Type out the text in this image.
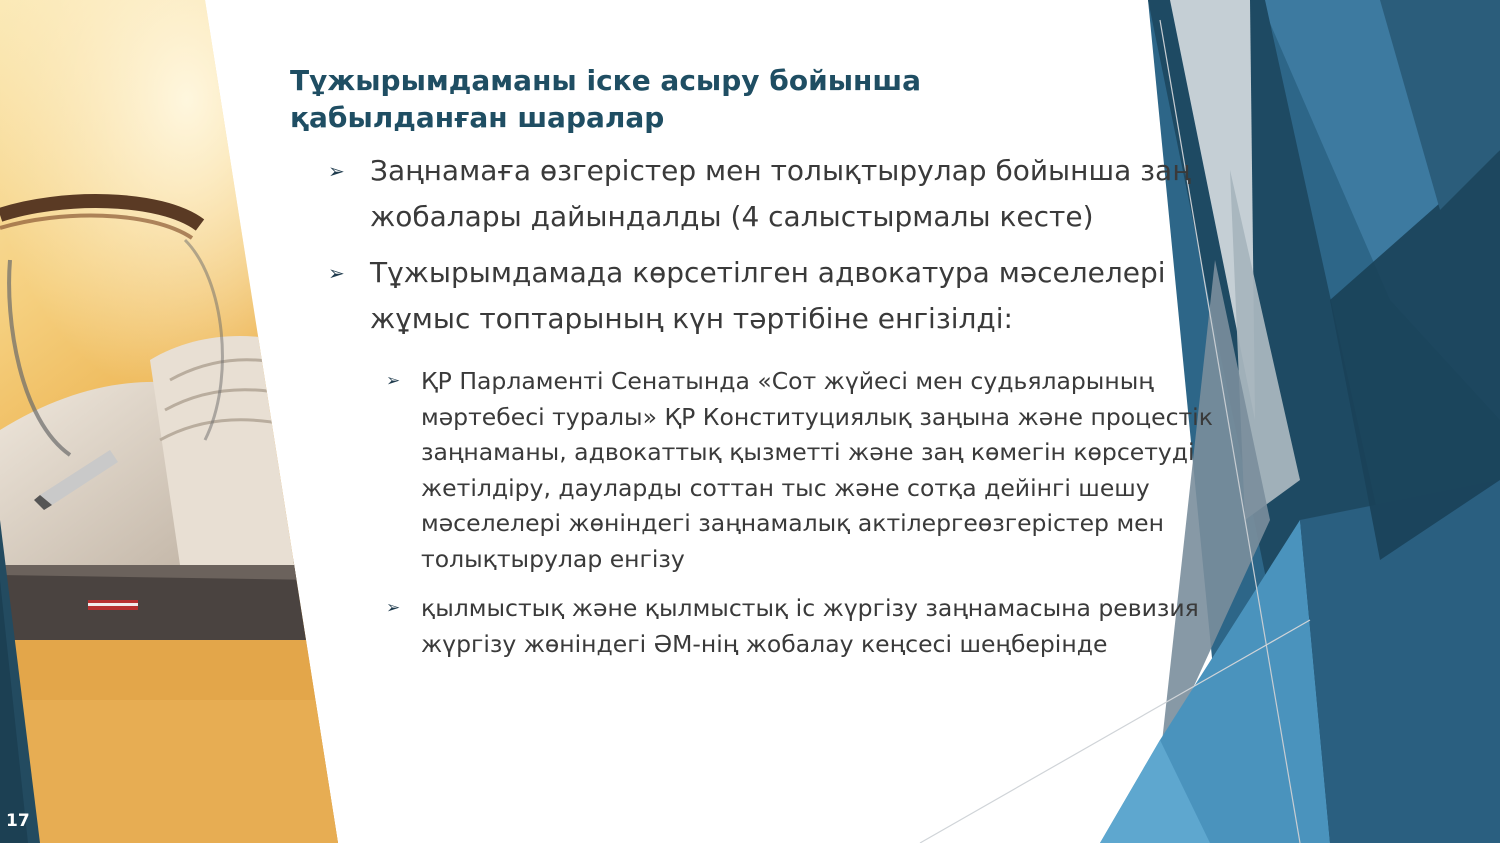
Тұжырымдаманы іске асыру бойынша қабылданған шаралар
➢ Заңнамаға өзгерістер мен толықтырулар бойынша заң жобалары дайындалды (4 салыстырмалы кесте)
➢ Тұжырымдамада көрсетілген адвокатура мәселелері жұмыс топтарының күн тәртібіне енгізілді:
➢ ҚР Парламенті Сенатында «Сот жүйесі мен судьяларының мәртебесі туралы» ҚР Конституциялық заңына және процестік заңнаманы, адвокаттық қызметті және заң көмегін көрсетуді жетілдіру, дауларды соттан тыс және сотқа дейінгі шешу мәселелері жөніндегі заңнамалық актілергеөзгерістер мен толықтырулар енгізу
➢ қылмыстық және қылмыстық іс жүргізу заңнамасына ревизия жүргізу жөніндегі ӘМ-нің жобалау кеңсесі шеңберінде
17
